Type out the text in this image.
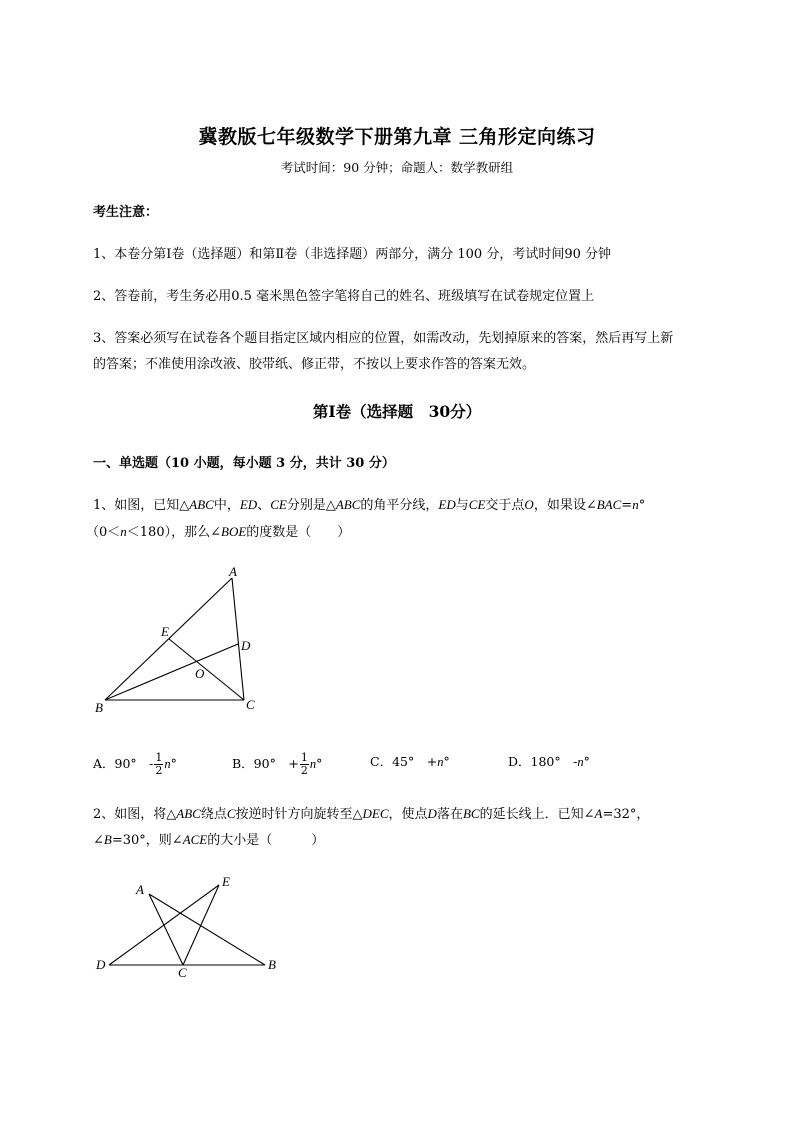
冀教版七年级数学下册第九章 三角形定向练习
考试时间：90 分钟；命题人：数学教研组
考生注意：
1、本卷分第Ⅰ卷（选择题）和第Ⅱ卷（非选择题）两部分，满分 100 分，考试时间90 分钟
2、答卷前，考生务必用0.5 毫米黑色签字笔将自己的姓名、班级填写在试卷规定位置上
3、答案必须写在试卷各个题目指定区域内相应的位置，如需改动，先划掉原来的答案，然后再写上新
的答案；不准使用涂改液、胶带纸、修正带，不按以上要求作答的答案无效。
第Ⅰ卷（选择题　30分）
一、单选题（10 小题，每小题 3 分，共计 30 分）
1、如图，已知△ABC中，ED、CE分别是△ABC的角平分线，ED与CE交于点O，如果设∠BAC=n°
（0＜n＜180），那么∠BOE的度数是（　　）
A
B	C
D
E
O
A．90°　- $\frac{1}{2} n^\circ$	B．90°　+ $\frac{1}{2} n^\circ$	C．45°　+n°	D．180°　-n°
2、如图，将△ABC绕点C按逆时针方向旋转至△DEC，使点D落在BC的延长线上．已知∠A=32°，
∠B=30°，则∠ACE的大小是（　　　）
A
B
C
D
E
